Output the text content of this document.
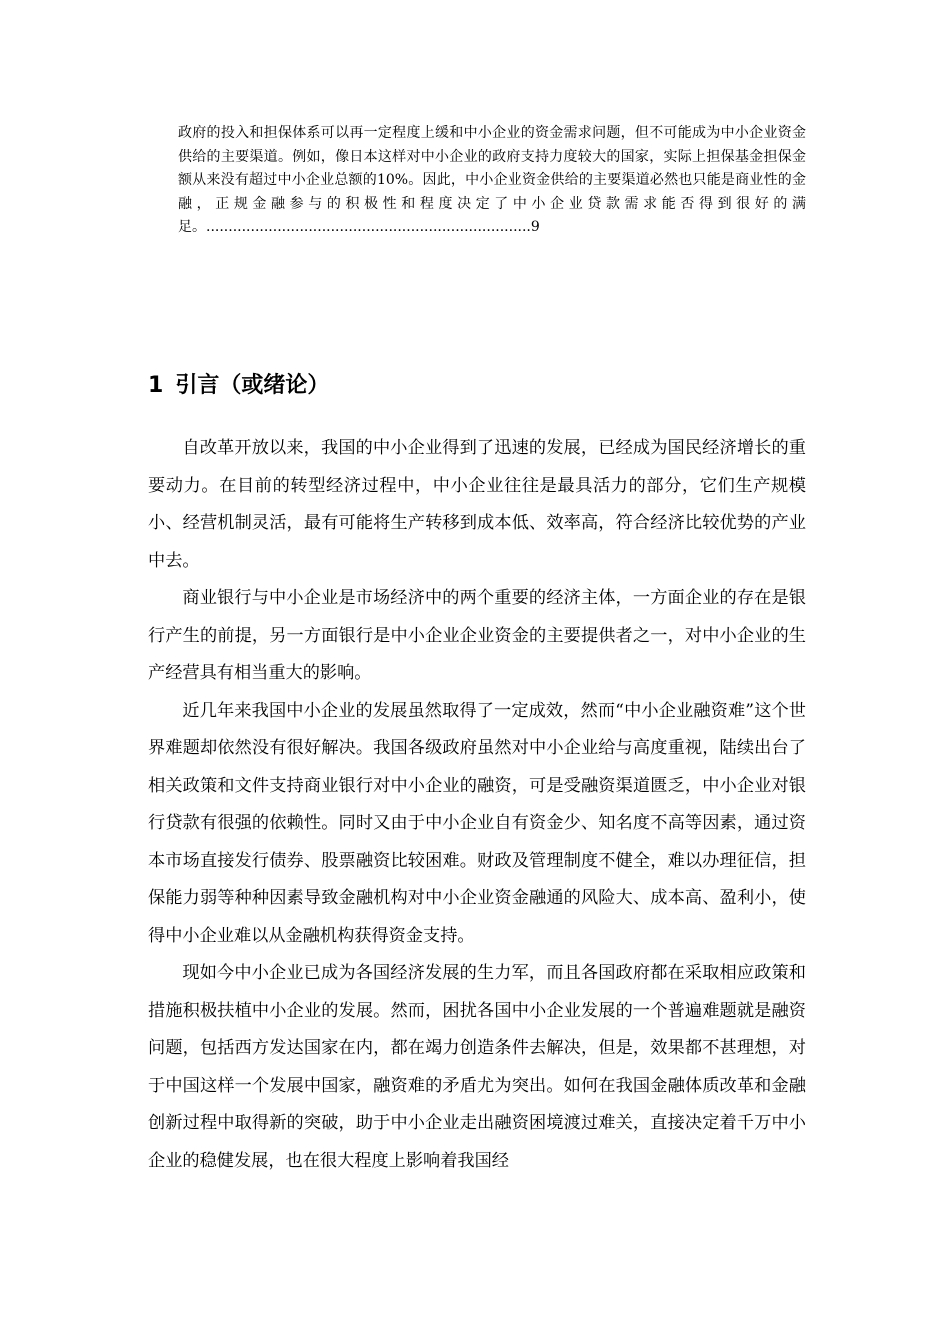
政府的投入和担保体系可以再一定程度上缓和中小企业的资金需求问题，但不可能成为中小企业资金供给的主要渠道。例如，像日本这样对中小企业的政府支持力度较大的国家，实际上担保基金担保金额从来没有超过中小企业总额的10%。因此，中小企业资金供给的主要渠道必然也只能是商业性的金融，正规金融参与的积极性和程度决定了中小企业贷款需求能否得到很好的满足。.........................................................................9
1 引言（或绪论）

自改革开放以来，我国的中小企业得到了迅速的发展，已经成为国民经济增长的重要动力。在目前的转型经济过程中，中小企业往往是最具活力的部分，它们生产规模小、经营机制灵活，最有可能将生产转移到成本低、效率高，符合经济比较优势的产业中去。

商业银行与中小企业是市场经济中的两个重要的经济主体，一方面企业的存在是银行产生的前提，另一方面银行是中小企业企业资金的主要提供者之一，对中小企业的生产经营具有相当重大的影响。

近几年来我国中小企业的发展虽然取得了一定成效，然而“中小企业融资难”这个世界难题却依然没有很好解决。我国各级政府虽然对中小企业给与高度重视，陆续出台了相关政策和文件支持商业银行对中小企业的融资，可是受融资渠道匮乏，中小企业对银行贷款有很强的依赖性。同时又由于中小企业自有资金少、知名度不高等因素，通过资本市场直接发行债券、股票融资比较困难。财政及管理制度不健全，难以办理征信，担保能力弱等种种因素导致金融机构对中小企业资金融通的风险大、成本高、盈利小，使得中小企业难以从金融机构获得资金支持。

现如今中小企业已成为各国经济发展的生力军，而且各国政府都在采取相应政策和措施积极扶植中小企业的发展。然而，困扰各国中小企业发展的一个普遍难题就是融资问题，包括西方发达国家在内，都在竭力创造条件去解决，但是，效果都不甚理想，对于中国这样一个发展中国家，融资难的矛盾尤为突出。如何在我国金融体质改革和金融创新过程中取得新的突破，助于中小企业走出融资困境渡过难关，直接决定着千万中小企业的稳健发展，也在很大程度上影响着我国经
